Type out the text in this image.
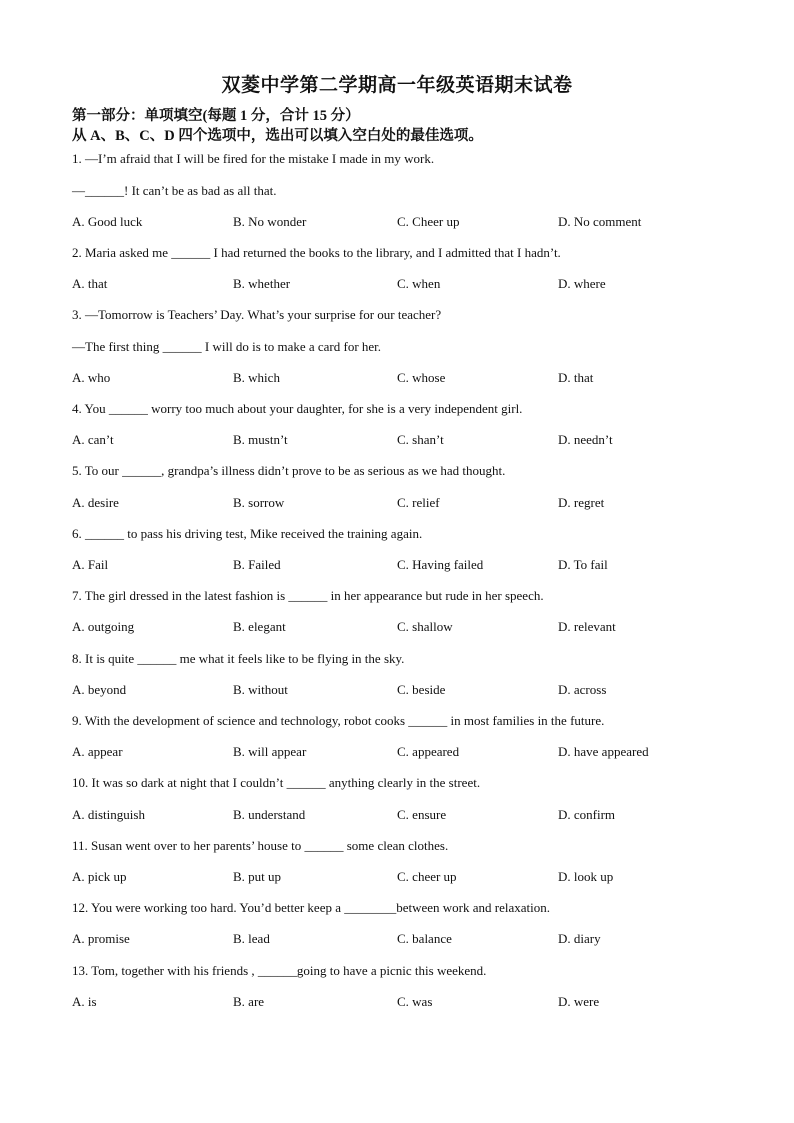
双菱中学第二学期高一年级英语期末试卷
第一部分：单项填空(每题 1 分，合计 15 分）
从 A、B、C、D 四个选项中，选出可以填入空白处的最佳选项。
1. —I’m afraid that I will be fired for the mistake I made in my work.
—______! It can’t be as bad as all that.
A. Good luck	B. No wonder	C. Cheer up	D. No comment
2. Maria asked me ______ I had returned the books to the library, and I admitted that I hadn’t.
A. that	B. whether	C. when	D. where
3. —Tomorrow is Teachers’ Day. What’s your surprise for our teacher?
—The first thing ______ I will do is to make a card for her.
A. who	B. which	C. whose	D. that
4. You ______ worry too much about your daughter, for she is a very independent girl.
A. can’t	B. mustn’t	C. shan’t	D. needn’t
5. To our ______, grandpa’s illness didn’t prove to be as serious as we had thought.
A. desire	B. sorrow	C. relief	D. regret
6. ______ to pass his driving test, Mike received the training again.
A. Fail	B. Failed	C. Having failed	D. To fail
7. The girl dressed in the latest fashion is ______ in her appearance but rude in her speech.
A. outgoing	B. elegant	C. shallow	D. relevant
8. It is quite ______ me what it feels like to be flying in the sky.
A. beyond	B. without	C. beside	D. across
9. With the development of science and technology, robot cooks ______ in most families in the future.
A. appear	B. will appear	C. appeared	D. have appeared
10. It was so dark at night that I couldn’t ______ anything clearly in the street.
A. distinguish	B. understand	C. ensure	D. confirm
11. Susan went over to her parents’ house to ______ some clean clothes.
A. pick up	B. put up	C. cheer up	D. look up
12. You were working too hard. You’d better keep a ________between work and relaxation.
A. promise	B. lead	C. balance	D. diary
13. Tom, together with his friends , ______going to have a picnic this weekend.
A. is	B. are	C. was	D. were
